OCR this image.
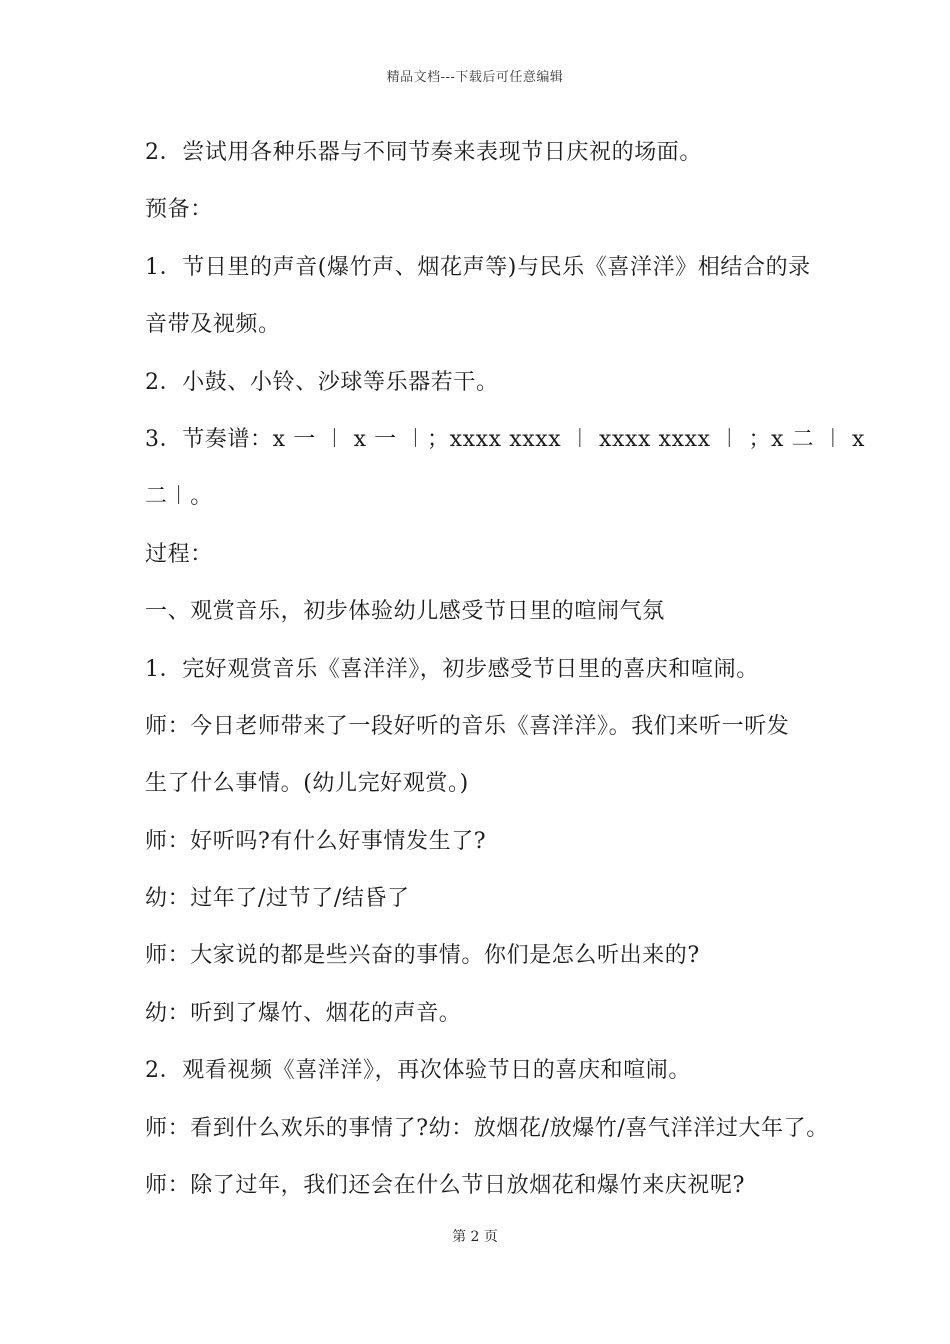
精品文档---下载后可任意编辑
2．尝试用各种乐器与不同节奏来表现节日庆祝的场面。
预备：
1．节日里的声音(爆竹声、烟花声等)与民乐《喜洋洋》相结合的录
音带及视频。
2．小鼓、小铃、沙球等乐器若干。
3．节奏谱：x 一 ︱ x 一 ︱；xxxx xxxx ︱ xxxx xxxx ︱ ；x 二 ︱ x
二︱。
过程：
一、观赏音乐，初步体验幼儿感受节日里的喧闹气氛
1．完好观赏音乐《喜洋洋》，初步感受节日里的喜庆和喧闹。
师：今日老师带来了一段好听的音乐《喜洋洋》。我们来听一听发
生了什么事情。(幼儿完好观赏。)
师：好听吗?有什么好事情发生了?
幼：过年了/过节了/结昏了
师：大家说的都是些兴奋的事情。你们是怎么听出来的?
幼：听到了爆竹、烟花的声音。
2．观看视频《喜洋洋》，再次体验节日的喜庆和喧闹。
师：看到什么欢乐的事情了?幼：放烟花/放爆竹/喜气洋洋过大年了。
师：除了过年，我们还会在什么节日放烟花和爆竹来庆祝呢?
第 2 页
